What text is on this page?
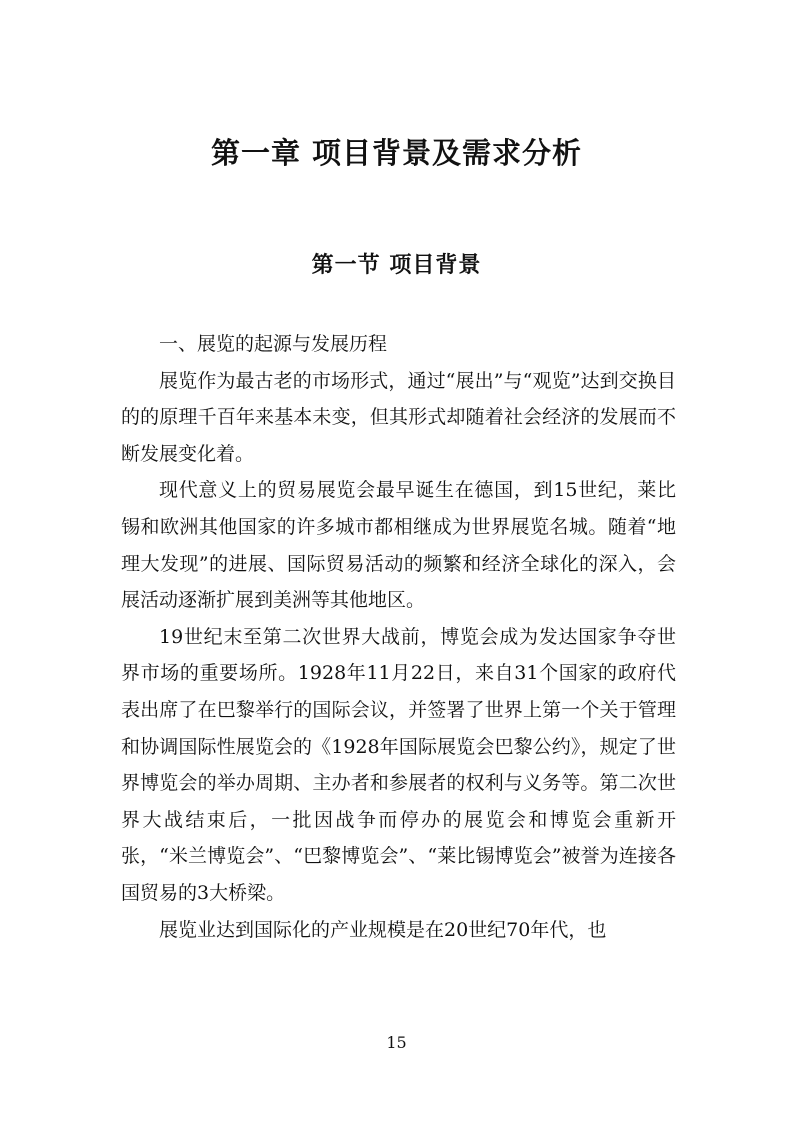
第一章 项目背景及需求分析
第一节 项目背景

一、展览的起源与发展历程

展览作为最古老的市场形式，通过“展出”与“观览”达到交换目的的原理千百年来基本未变，但其形式却随着社会经济的发展而不断发展变化着。

现代意义上的贸易展览会最早诞生在德国，到15世纪，莱比锡和欧洲其他国家的许多城市都相继成为世界展览名城。随着“地理大发现”的进展、国际贸易活动的频繁和经济全球化的深入，会展活动逐渐扩展到美洲等其他地区。

19世纪末至第二次世界大战前，博览会成为发达国家争夺世界市场的重要场所。1928年11月22日，来自31个国家的政府代表出席了在巴黎举行的国际会议，并签署了世界上第一个关于管理和协调国际性展览会的《1928年国际展览会巴黎公约》，规定了世界博览会的举办周期、主办者和参展者的权利与义务等。第二次世界大战结束后，一批因战争而停办的展览会和博览会重新开张，“米兰博览会”、“巴黎博览会”、“莱比锡博览会”被誉为连接各国贸易的3大桥梁。

展览业达到国际化的产业规模是在20世纪70年代，也

15
